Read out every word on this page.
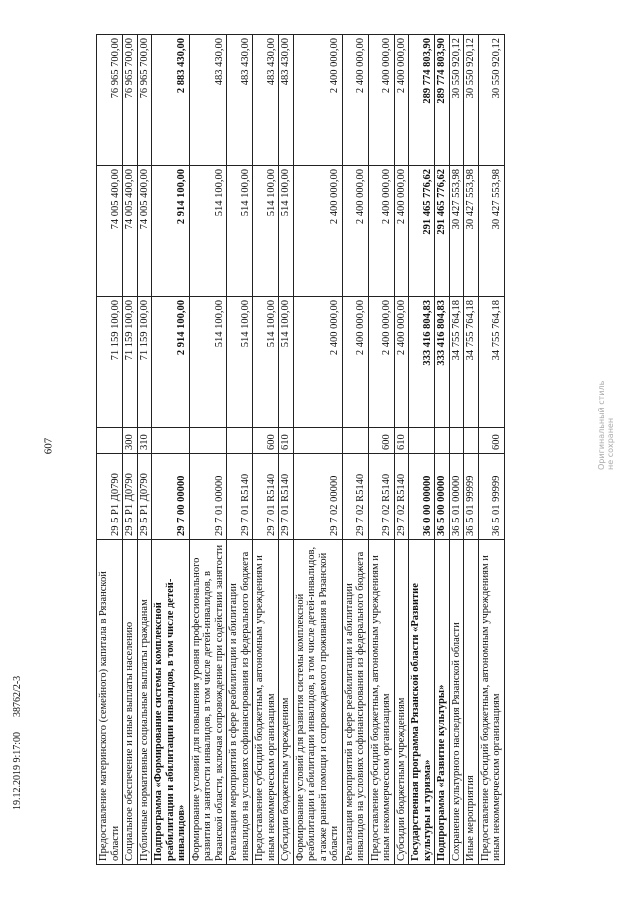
607
19.12.2019 9:17:00      38762/2-3
Оригинальный стиль не сохранен
Предоставление материнского (семейного) капитала в Рязанской области	29 5 P1 Д0790		71 159 100,00	74 005 400,00	76 965 700,00
Социальное обеспечение и иные выплаты населению	29 5 P1 Д0790	300	71 159 100,00	74 005 400,00	76 965 700,00
Публичные нормативные социальные выплаты гражданам	29 5 P1 Д0790	310	71 159 100,00	74 005 400,00	76 965 700,00
Подпрограмма «Формирование системы комплексной реабилитации и абилитации инвалидов, в том числе детей-инвалидов»	29 7 00 00000		2 914 100,00	2 914 100,00	2 883 430,00
Формирование условий для повышения уровня профессионального развития и занятости инвалидов, в том числе детей-инвалидов, в Рязанской области, включая сопровождение при содействии занятости	29 7 01 00000		514 100,00	514 100,00	483 430,00
Реализация мероприятий в сфере реабилитации и абилитации инвалидов на условиях софинансирования из федерального бюджета	29 7 01 R5140		514 100,00	514 100,00	483 430,00
Предоставление субсидий бюджетным, автономным учреждениям и иным некоммерческим организациям	29 7 01 R5140	600	514 100,00	514 100,00	483 430,00
Субсидии бюджетным учреждениям	29 7 01 R5140	610	514 100,00	514 100,00	483 430,00
Формирование условий для развития системы комплексной реабилитации и абилитации инвалидов, в том числе детей-инвалидов, а также ранней помощи и сопровождаемого проживания в Рязанской области	29 7 02 00000		2 400 000,00	2 400 000,00	2 400 000,00
Реализация мероприятий в сфере реабилитации и абилитации инвалидов на условиях софинансирования из федерального бюджета	29 7 02 R5140		2 400 000,00	2 400 000,00	2 400 000,00
Предоставление субсидий бюджетным, автономным учреждениям и иным некоммерческим организациям	29 7 02 R5140	600	2 400 000,00	2 400 000,00	2 400 000,00
Субсидии бюджетным учреждениям	29 7 02 R5140	610	2 400 000,00	2 400 000,00	2 400 000,00
Государственная программа Рязанской области «Развитие культуры и туризма»	36 0 00 00000		333 416 804,83	291 465 776,62	289 774 803,90
Подпрограмма «Развитие культуры»	36 5 00 00000		333 416 804,83	291 465 776,62	289 774 803,90
Сохранение культурного наследия Рязанской области	36 5 01 00000		34 755 764,18	30 427 553,98	30 550 920,12
Иные мероприятия	36 5 01 99999		34 755 764,18	30 427 553,98	30 550 920,12
Предоставление субсидий бюджетным, автономным учреждениям и иным некоммерческим организациям	36 5 01 99999	600	34 755 764,18	30 427 553,98	30 550 920,12
